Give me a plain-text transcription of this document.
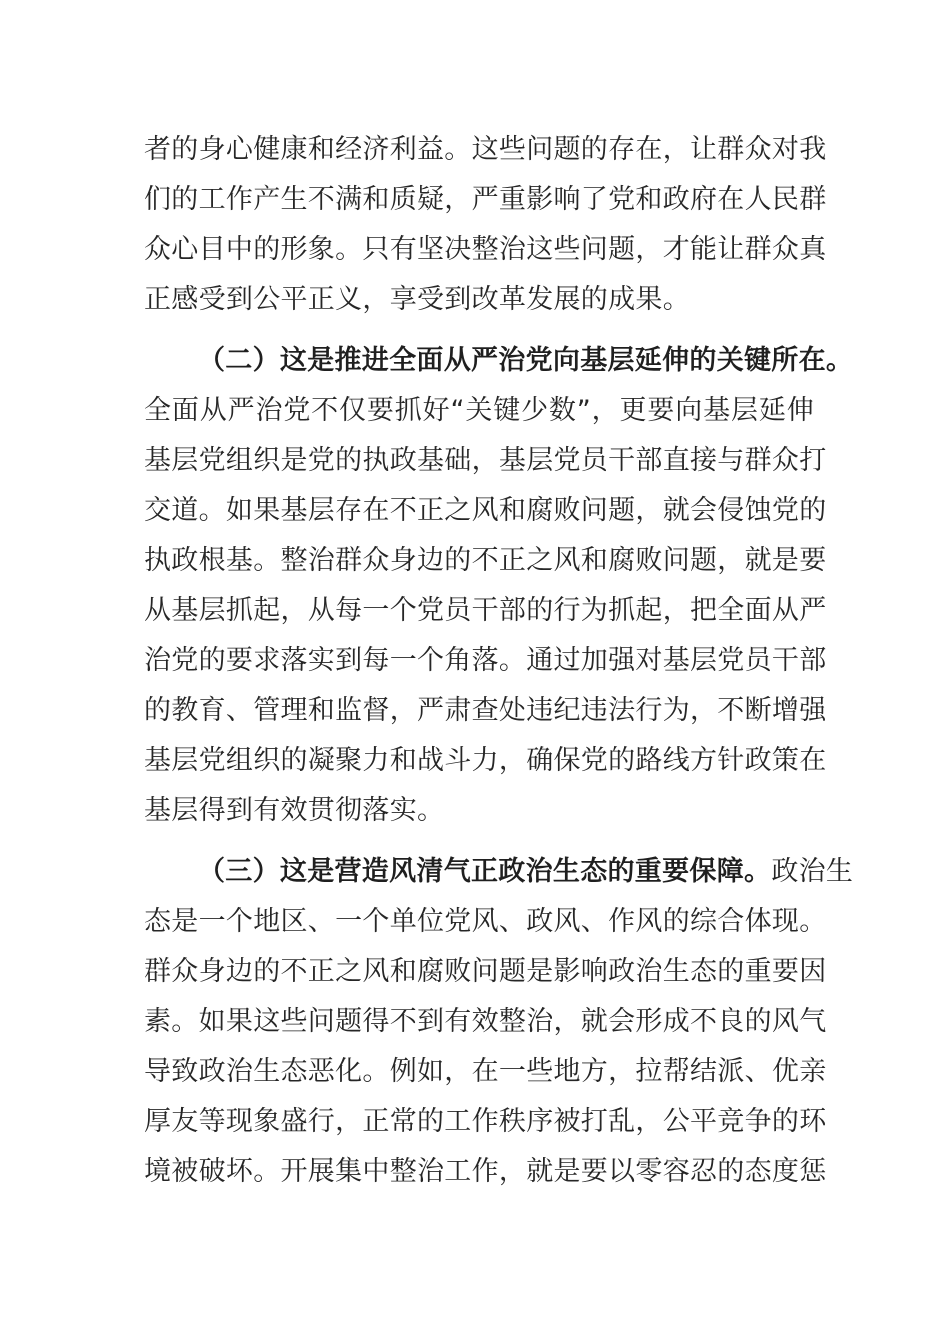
者的身心健康和经济利益。这些问题的存在，让群众对我
们的工作产生不满和质疑，严重影响了党和政府在人民群
众心目中的形象。只有坚决整治这些问题，才能让群众真
正感受到公平正义，享受到改革发展的成果。
（二）这是推进全面从严治党向基层延伸的关键所在。
全面从严治党不仅要抓好“关键少数”，更要向基层延伸
基层党组织是党的执政基础，基层党员干部直接与群众打
交道。如果基层存在不正之风和腐败问题，就会侵蚀党的
执政根基。整治群众身边的不正之风和腐败问题，就是要
从基层抓起，从每一个党员干部的行为抓起，把全面从严
治党的要求落实到每一个角落。通过加强对基层党员干部
的教育、管理和监督，严肃查处违纪违法行为，不断增强
基层党组织的凝聚力和战斗力，确保党的路线方针政策在
基层得到有效贯彻落实。
（三）这是营造风清气正政治生态的重要保障。政治生
态是一个地区、一个单位党风、政风、作风的综合体现。
群众身边的不正之风和腐败问题是影响政治生态的重要因
素。如果这些问题得不到有效整治，就会形成不良的风气
导致政治生态恶化。例如，在一些地方，拉帮结派、优亲
厚友等现象盛行，正常的工作秩序被打乱，公平竞争的环
境被破坏。开展集中整治工作，就是要以零容忍的态度惩
